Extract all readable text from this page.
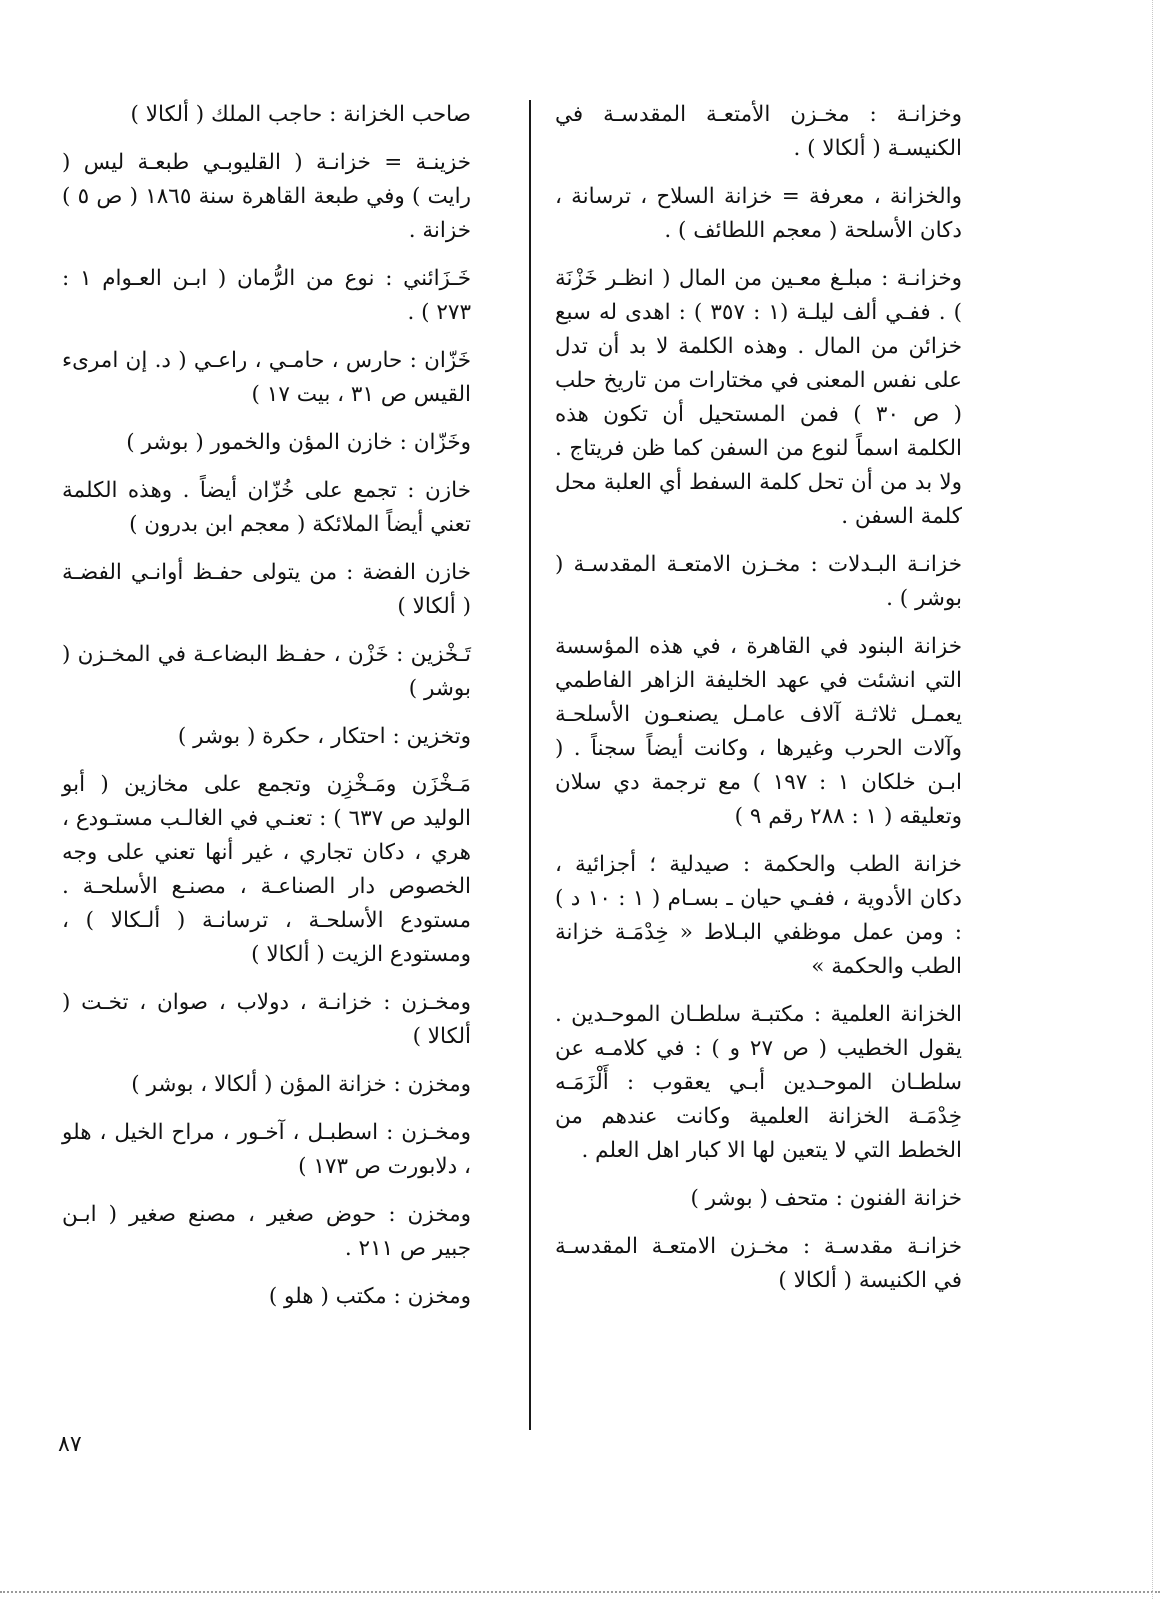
وخزانـة : مخـزن الأمتعـة المقدسـة في الكنيسـة ( ألكالا ) .

والخزانة ، معرفة = خزانة السلاح ، ترسانة ، دكان الأسلحة ( معجم اللطائف ) .

وخزانـة : مبلـغ معـين من المال ( انظـر خَزْنَة ) . ففـي ألف ليلـة (١ : ٣٥٧ ) : اهدى له سبع خزائن من المال . وهذه الكلمة لا بد أن تدل على نفس المعنى في مختارات من تاريخ حلب ( ص ٣٠ ) فمن المستحيل أن تكون هذه الكلمة اسماً لنوع من السفن كما ظن فريتاج . ولا بد من أن تحل كلمة السفط أي العلبة محل كلمة السفن .

خزانـة البـدلات : مخـزن الامتعـة المقدسـة ( بوشر ) .

خزانة البنود في القاهرة ، في هذه المؤسسة التي انشئت في عهد الخليفة الزاهر الفاطمي يعمـل ثلاثـة آلاف عامـل يصنعـون الأسلحـة وآلات الحرب وغيرها ، وكانت أيضاً سجناً . ( ابـن خلكان ١ : ١٩٧ ) مع ترجمة دي سلان وتعليقه ( ١ : ٢٨٨ رقم ٩ )

خزانة الطب والحكمة : صيدلية ؛ أجزائية ، دكان الأدوية ، ففـي حيان ـ بسـام ( ١ : ١٠ د ) : ومن عمل موظفي البـلاط « خِدْمَـة خزانة الطب والحكمة »

الخزانة العلمية : مكتبـة سلطـان الموحـدين . يقول الخطيب ( ص ٢٧ و ) : في كلامـه عن سلطـان الموحـدين أبـي يعقوب : أَلْزَمَـه خِدْمَـة الخزانة العلمية وكانت عندهم من الخطط التي لا يتعين لها الا كبار اهل العلم .

خزانة الفنون : متحف ( بوشر )

خزانـة مقدسـة : مخـزن الامتعـة المقدسـة في الكنيسة ( ألكالا )

صاحب الخزانة : حاجب الملك ( ألكالا )

خزينـة = خزانـة ( القليوبـي طبعـة ليس ( رايت ) وفي طبعة القاهرة سنة ١٨٦٥ ( ص ٥ ) خزانة .

خَـزَائني : نوع من الرُّمان ( ابـن العـوام ١ : ٢٧٣ ) .

خَزّان : حارس ، حامـي ، راعـي ( د. إن امرىء القيس ص ٣١ ، بيت ١٧ )

وخَزّان : خازن المؤن والخمور ( بوشر )

خازن : تجمع على خُزّان أيضاً . وهذه الكلمة تعني أيضاً الملائكة ( معجم ابن بدرون )

خازن الفضة : من يتولى حفـظ أوانـي الفضـة ( ألكالا )

تَـخْزين : خَزْن ، حفـظ البضاعـة في المخـزن ( بوشر )

وتخزين : احتكار ، حكرة ( بوشر )

مَـخْزَن ومَـخْزِن وتجمع على مخازين ( أبو الوليد ص ٦٣٧ ) : تعنـي في الغالـب مستـودع ، هري ، دكان تجاري ، غير أنها تعني على وجه الخصوص دار الصناعـة ، مصنـع الأسلحـة . مستودع الأسلحـة ، ترسانـة ( ألـكالا ) ، ومستودع الزيت ( ألكالا )

ومخـزن : خزانـة ، دولاب ، صوان ، تخـت ( ألكالا )

ومخزن : خزانة المؤن ( ألكالا ، بوشر )

ومخـزن : اسطبـل ، آخـور ، مراح الخيل ، هلو ، دلابورت ص ١٧٣ )

ومخزن : حوض صغير ، مصنع صغير ( ابـن جبير ص ٢١١ .

ومخزن : مكتب ( هلو )

٨٧
